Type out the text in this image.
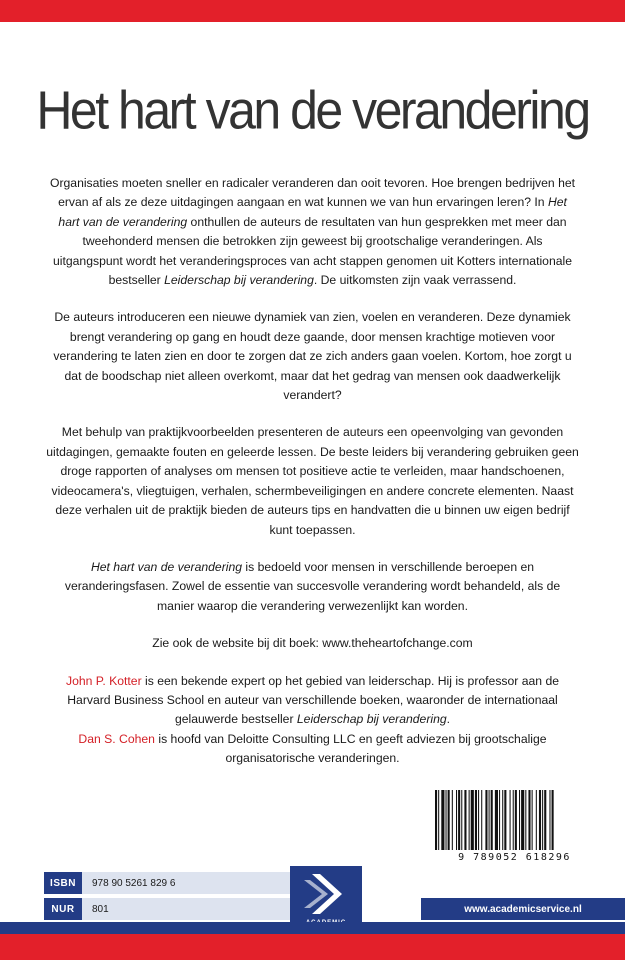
Het hart van de verandering

Organisaties moeten sneller en radicaler veranderen dan ooit tevoren. Hoe brengen bedrijven het ervan af als ze deze uitdagingen aangaan en wat kunnen we van hun ervaringen leren? In Het hart van de verandering onthullen de auteurs de resultaten van hun gesprekken met meer dan tweehonderd mensen die betrokken zijn geweest bij grootschalige veranderingen. Als uitgangspunt wordt het veranderingsproces van acht stappen genomen uit Kotters internationale bestseller Leiderschap bij verandering. De uitkomsten zijn vaak verrassend.

De auteurs introduceren een nieuwe dynamiek van zien, voelen en veranderen. Deze dynamiek brengt verandering op gang en houdt deze gaande, door mensen krachtige motieven voor verandering te laten zien en door te zorgen dat ze zich anders gaan voelen. Kortom, hoe zorgt u dat de boodschap niet alleen overkomt, maar dat het gedrag van mensen ook daadwerkelijk verandert?

Met behulp van praktijkvoorbeelden presenteren de auteurs een opeenvolging van gevonden uitdagingen, gemaakte fouten en geleerde lessen. De beste leiders bij verandering gebruiken geen droge rapporten of analyses om mensen tot positieve actie te verleiden, maar handschoenen, videocamera's, vliegtuigen, verhalen, schermbeveiligingen en andere concrete elementen. Naast deze verhalen uit de praktijk bieden de auteurs tips en handvatten die u binnen uw eigen bedrijf kunt toepassen.

Het hart van de verandering is bedoeld voor mensen in verschillende beroepen en veranderingsfasen. Zowel de essentie van succesvolle verandering wordt behandeld, als de manier waarop die verandering verwezenlijkt kan worden.

Zie ook de website bij dit boek: www.theheartofchange.com

John P. Kotter is een bekende expert op het gebied van leiderschap. Hij is professor aan de Harvard Business School en auteur van verschillende boeken, waaronder de internationaal gelauwerde bestseller Leiderschap bij verandering.
Dan S. Cohen is hoofd van Deloitte Consulting LLC en geeft adviezen bij grootschalige organisatorische veranderingen.

9 789052 618296
ISBN	978 90 5261 829 6
NUR	801	www.academicservice.nl
